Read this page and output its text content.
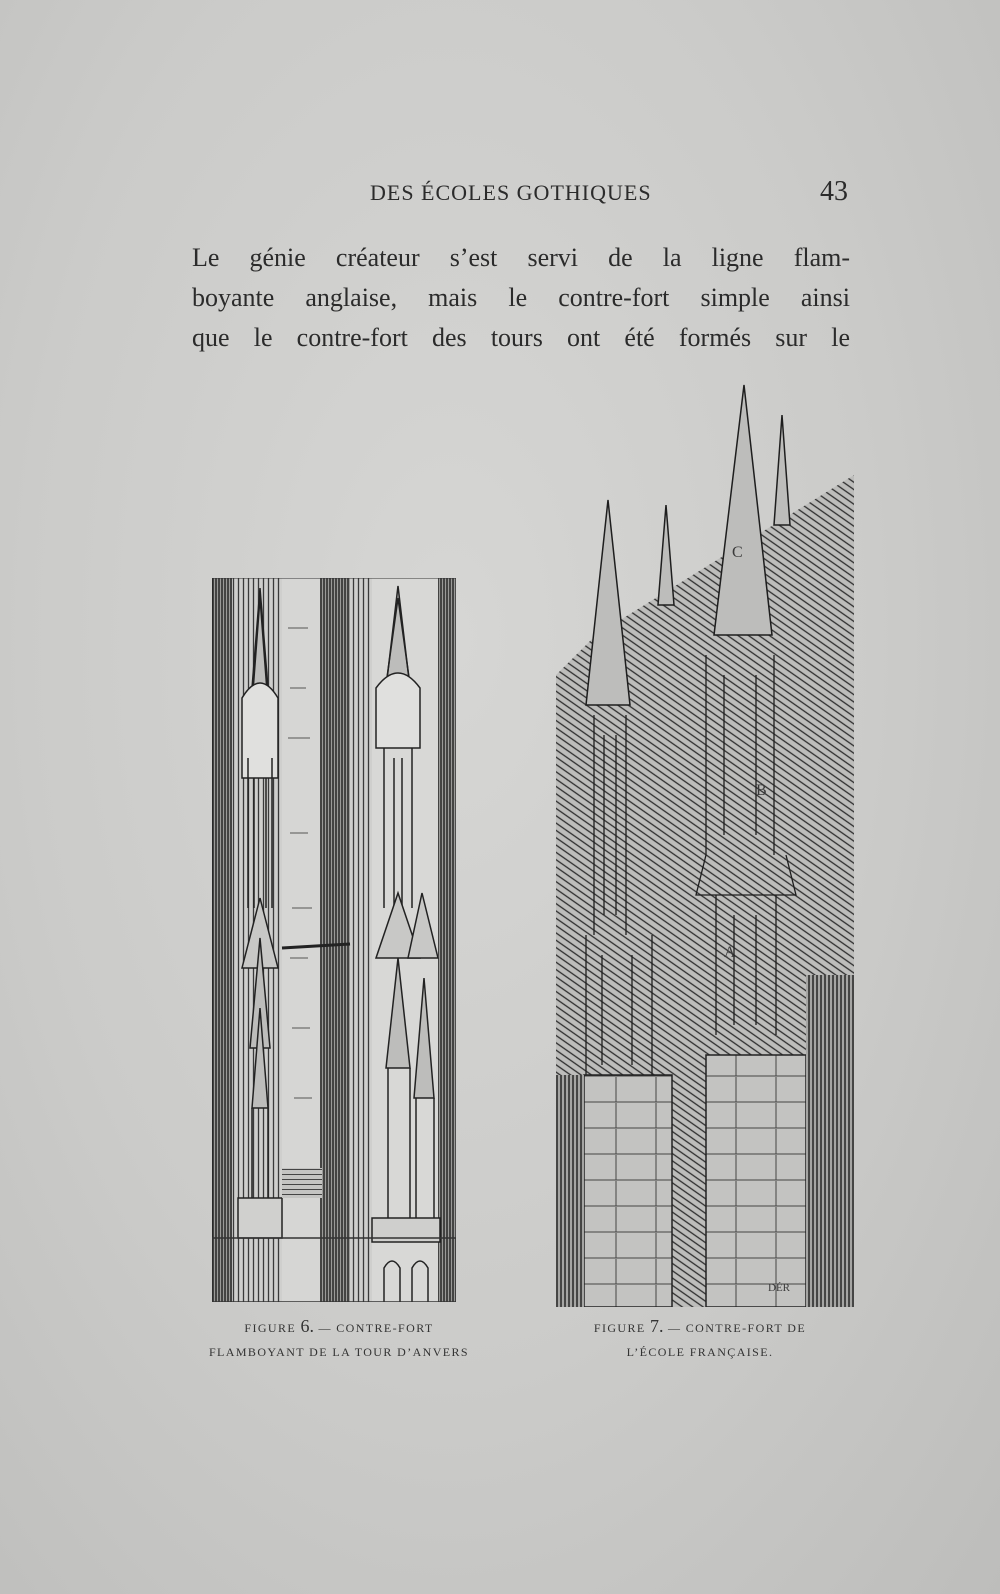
DES ÉCOLES GOTHIQUES	43
Le génie créateur s’est servi de la ligne flam-
boyante anglaise, mais le contre-fort simple ainsi
que le contre-fort des tours ont été formés sur le
C
B
A
DÉR
FIGURE 6. — CONTRE-FORT
FLAMBOYANT DE LA TOUR D’ANVERS
FIGURE 7. — CONTRE-FORT DE
L’ÉCOLE FRANÇAISE.
